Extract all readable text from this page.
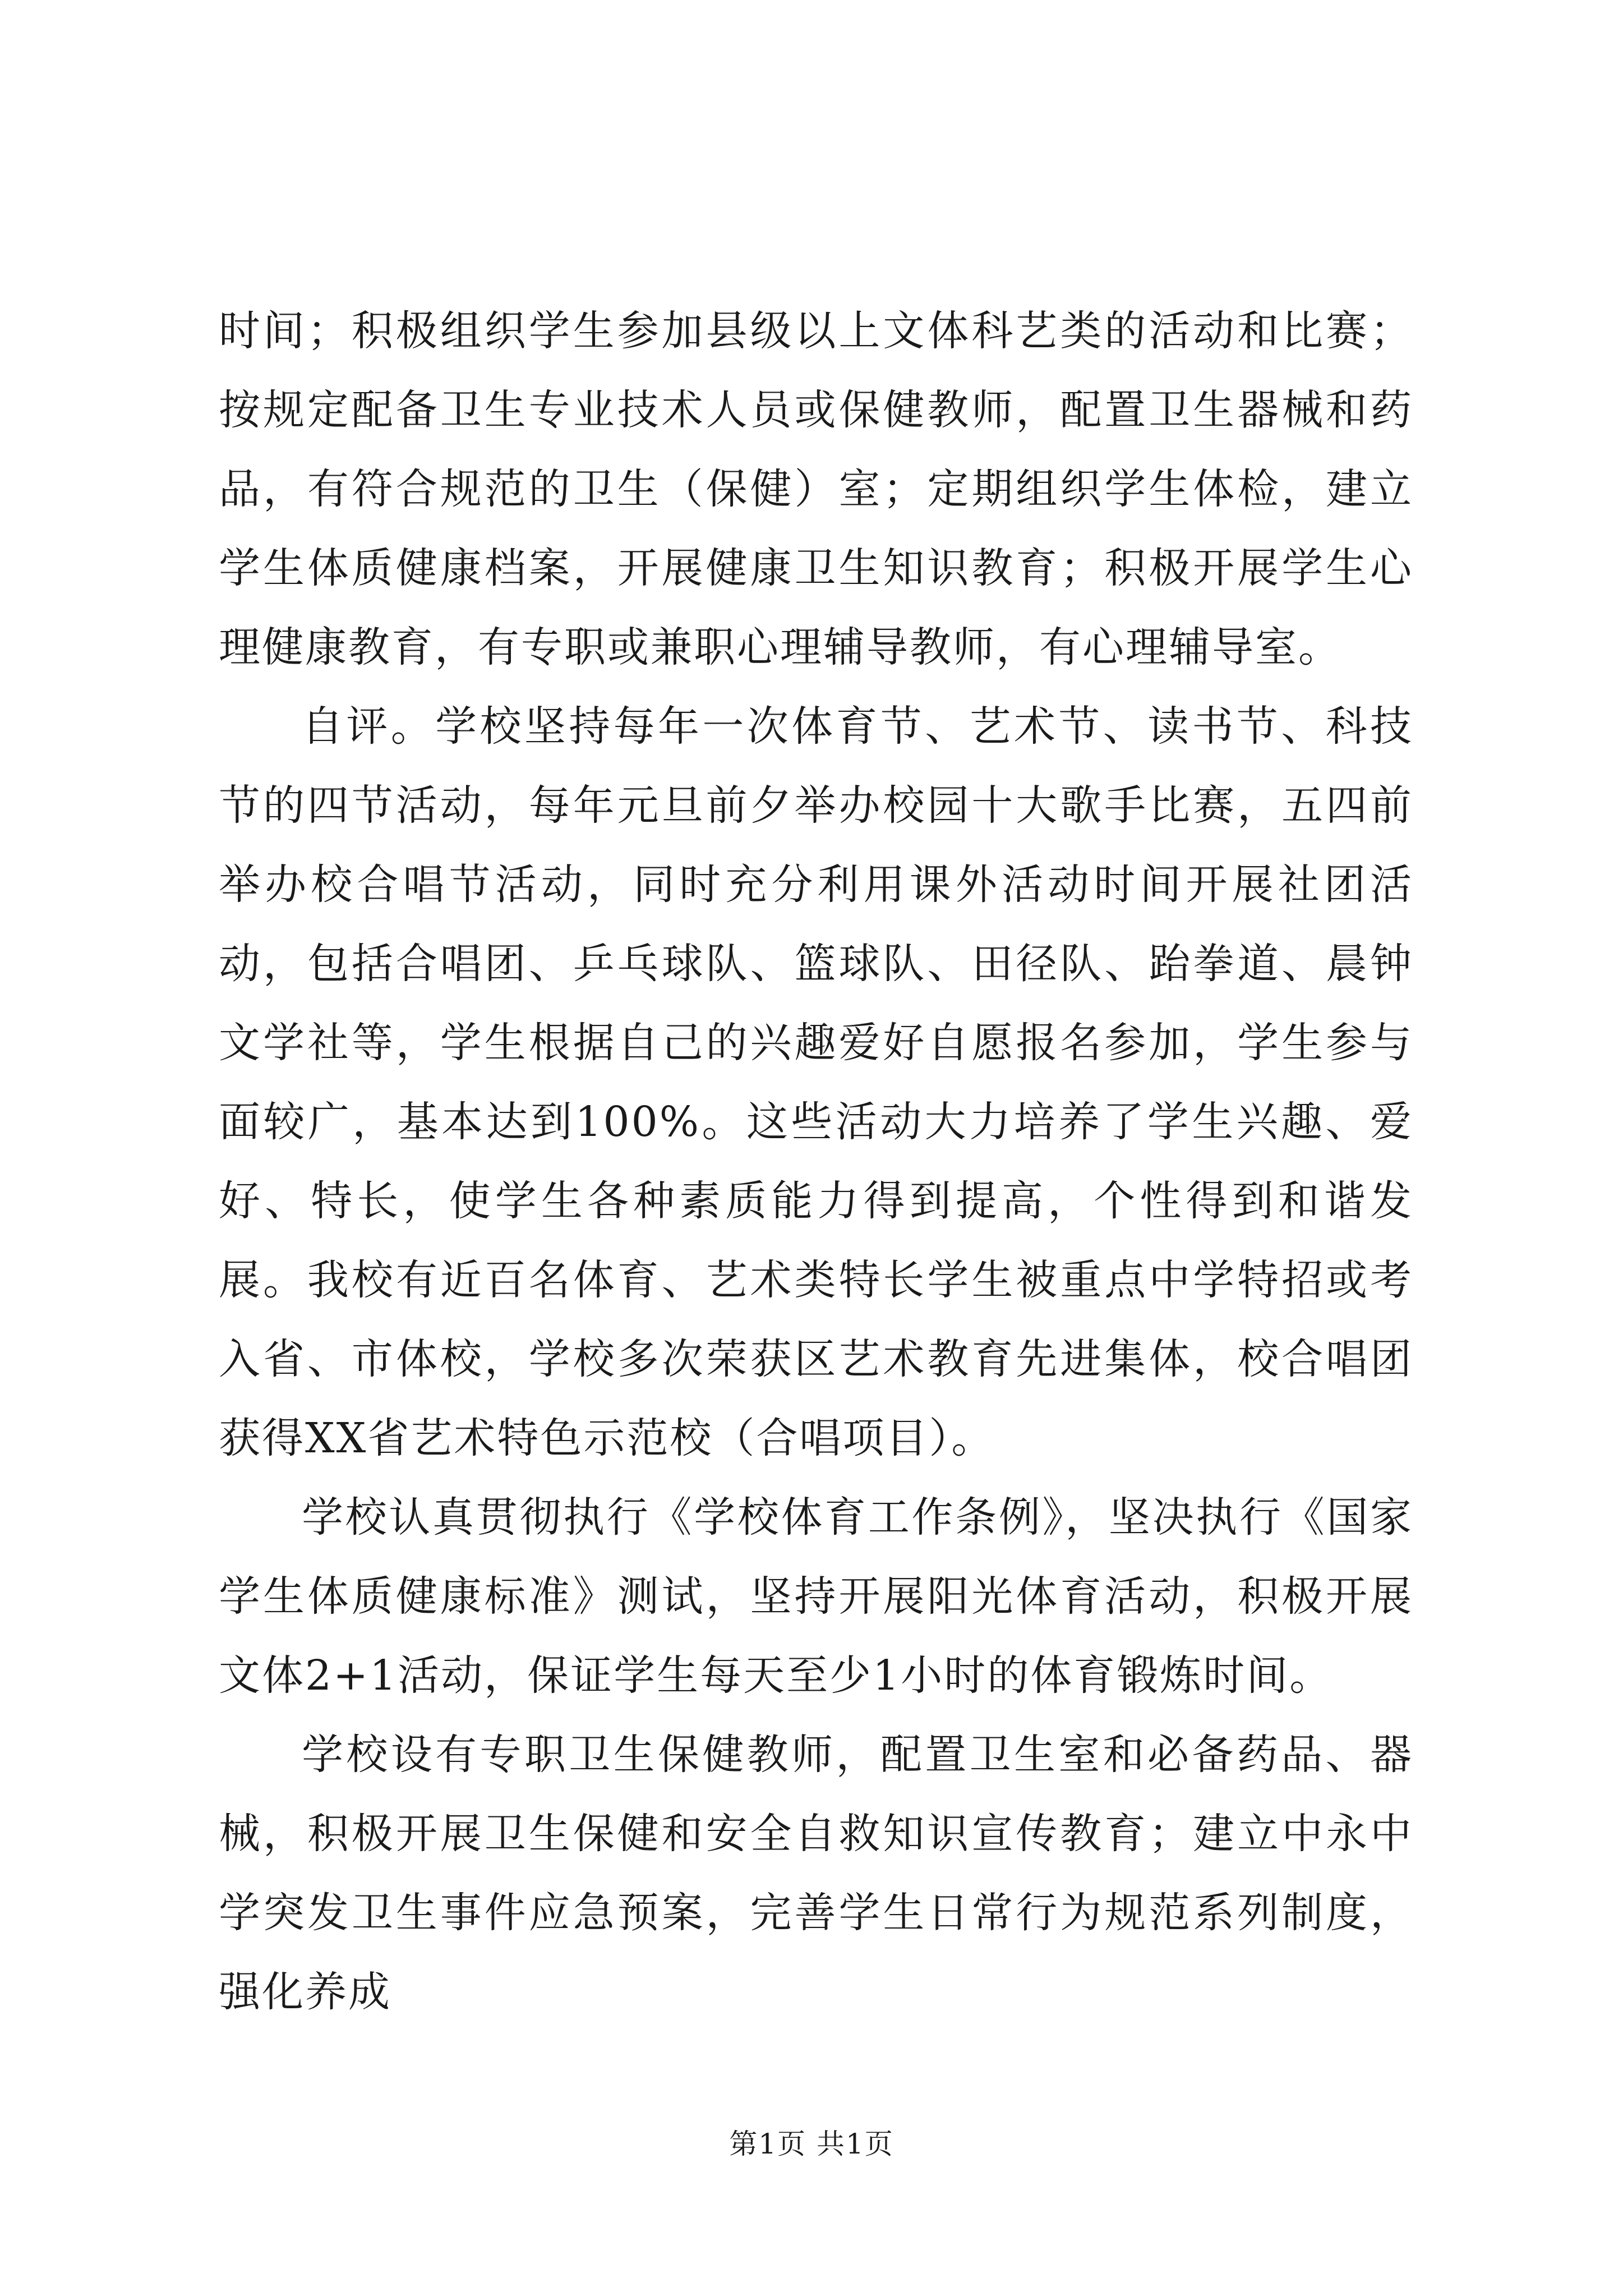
时间；积极组织学生参加县级以上文体科艺类的活动和比赛；按规定配备卫生专业技术人员或保健教师，配置卫生器械和药品，有符合规范的卫生（保健）室；定期组织学生体检，建立学生体质健康档案，开展健康卫生知识教育；积极开展学生心理健康教育，有专职或兼职心理辅导教师，有心理辅导室。

自评。学校坚持每年一次体育节、艺术节、读书节、科技节的四节活动，每年元旦前夕举办校园十大歌手比赛，五四前举办校合唱节活动，同时充分利用课外活动时间开展社团活动，包括合唱团、乒乓球队、篮球队、田径队、跆拳道、晨钟文学社等，学生根据自己的兴趣爱好自愿报名参加，学生参与面较广，基本达到100%。这些活动大力培养了学生兴趣、爱好、特长，使学生各种素质能力得到提高，个性得到和谐发展。我校有近百名体育、艺术类特长学生被重点中学特招或考入省、市体校，学校多次荣获区艺术教育先进集体，校合唱团获得XX省艺术特色示范校（合唱项目）。

学校认真贯彻执行《学校体育工作条例》，坚决执行《国家学生体质健康标准》测试，坚持开展阳光体育活动，积极开展文体2+1活动，保证学生每天至少1小时的体育锻炼时间。

学校设有专职卫生保健教师，配置卫生室和必备药品、器械，积极开展卫生保健和安全自救知识宣传教育；建立中永中学突发卫生事件应急预案，完善学生日常行为规范系列制度，强化养成

第1页 共1页
